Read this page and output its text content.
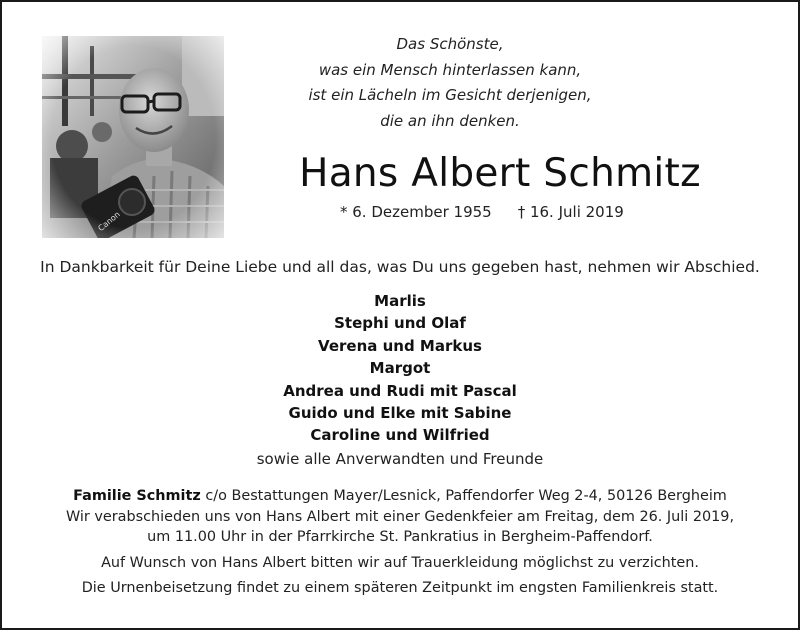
Das Schönste,
was ein Mensch hinterlassen kann,
ist ein Lächeln im Gesicht derjenigen,
die an ihn denken.
Hans Albert Schmitz
* 6. Dezember 1955 † 16. Juli 2019
In Dankbarkeit für Deine Liebe und all das, was Du uns gegeben hast, nehmen wir Abschied.
Marlis
Stephi und Olaf
Verena und Markus
Margot
Andrea und Rudi mit Pascal
Guido und Elke mit Sabine
Caroline und Wilfried
sowie alle Anverwandten und Freunde
Familie Schmitz c/o Bestattungen Mayer/Lesnick, Paffendorfer Weg 2-4, 50126 Bergheim
Wir verabschieden uns von Hans Albert mit einer Gedenkfeier am Freitag, dem 26. Juli 2019,
um 11.00 Uhr in der Pfarrkirche St. Pankratius in Bergheim-Paffendorf.
Auf Wunsch von Hans Albert bitten wir auf Trauerkleidung möglichst zu verzichten.
Die Urnenbeisetzung findet zu einem späteren Zeitpunkt im engsten Familienkreis statt.
